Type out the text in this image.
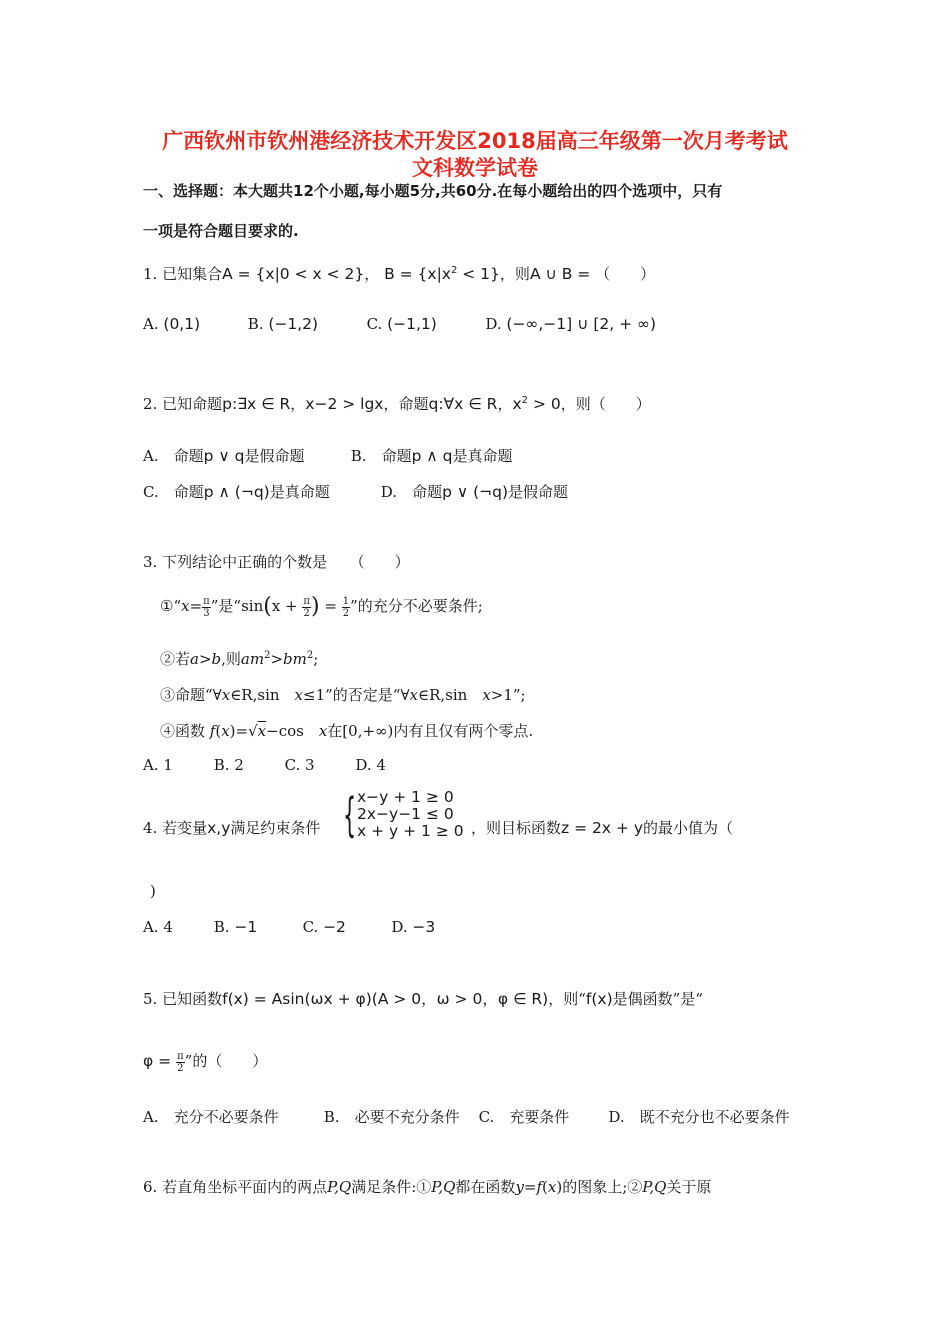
广西钦州市钦州港经济技术开发区2018届高三年级第一次月考考试
文科数学试卷
一、选择题：本大题共12个小题,每小题5分,共60分.在每小题给出的四个选项中，只有
一项是符合题目要求的.
1. 已知集合A = {x|0 < x < 2}， $B = \{x|x^2 < 1\}$，则A ∪ B = （　　）
A. (0,1)	B. (−1,2)	C. (−1,1)	D. (−∞,−1] ∪ [2, + ∞)
2. 已知命题p:∃x ∈ R，x−2 > lgx，命题q:∀x ∈ R，$x^2 > 0$，则（　　）
A.　 命题p ∨ q是假命题	B.　 命题p ∧ q是真命题
C.　 命题p ∧ (¬q)是真命题	D.　 命题p ∨ (¬q)是假命题
3. 下列结论中正确的个数是　　（　　）
①“x= $\frac{\pi}{3}$ ”是“$\sin(x + \frac{\pi}{2}$ ) = $\frac{1}{2}$ ”的充分不必要条件;
②若a>b,则$am^2>bm^2$;
③命题“∀x∈R,sin　x≤1”的否定是“∀x∈R,sin　x>1”;
④函数 f(x)=√x−cos　x在[0,+∞)内有且仅有两个零点.
A. 1	B. 2	C. 3	D. 4
4. 若变量x,y满足约束条件 { x−y + 1 ≥ 0
2x−y−1 ≤ 0
x + y + 1 ≥ 0 ，则目标函数z = 2x + y的最小值为（
)
A. 4	B. −1	C. −2	D. −3
5. 已知函数f(x) = Asin(ωx + φ)(A > 0，ω > 0，φ ∈ R)，则“f(x)是偶函数”是“
$\varphi = \frac{\pi}{2}$ ”的（　　）
A.　充分不必要条件	B.　必要不充分条件 C.　充要条件	D.　既不充分也不必要条件
6. 若直角坐标平面内的两点P,Q满足条件:①P,Q都在函数y=f(x)的图象上;②P,Q关于原
